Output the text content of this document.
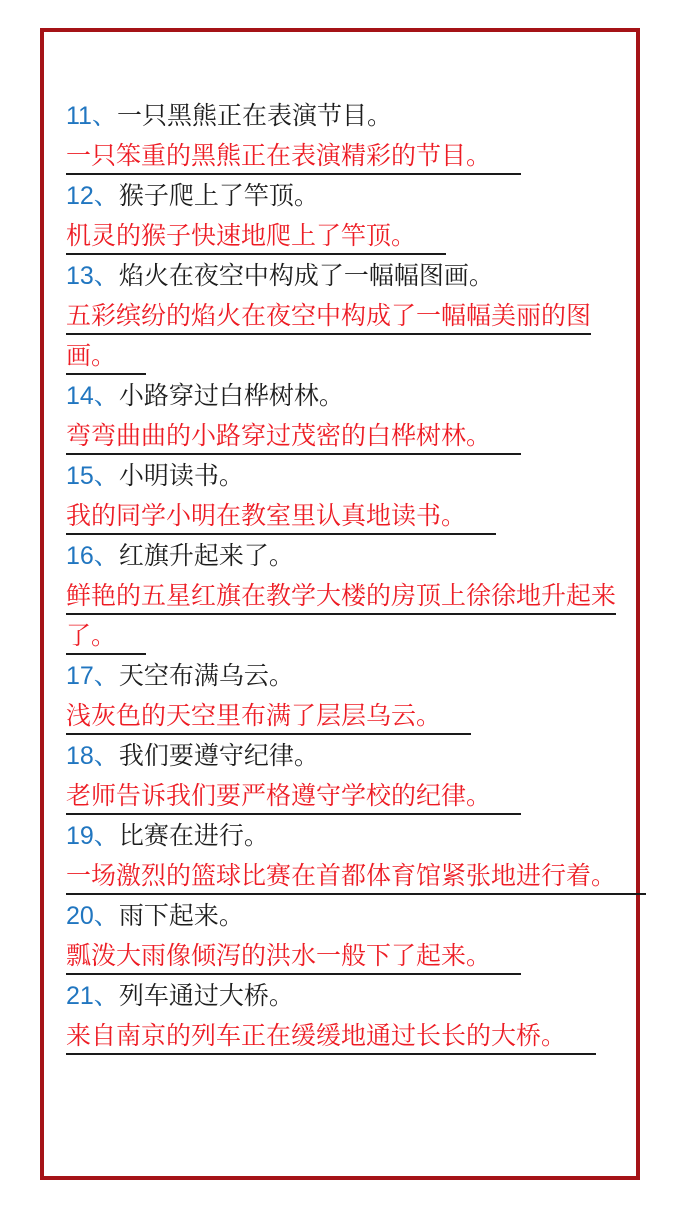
11、一只黑熊正在表演节目。
一只笨重的黑熊正在表演精彩的节目。
12、猴子爬上了竿顶。
机灵的猴子快速地爬上了竿顶。
13、焰火在夜空中构成了一幅幅图画。
五彩缤纷的焰火在夜空中构成了一幅幅美丽的图画。
14、小路穿过白桦树林。
弯弯曲曲的小路穿过茂密的白桦树林。
15、小明读书。
我的同学小明在教室里认真地读书。
16、红旗升起来了。
鲜艳的五星红旗在教学大楼的房顶上徐徐地升起来了。
17、天空布满乌云。
浅灰色的天空里布满了层层乌云。
18、我们要遵守纪律。
老师告诉我们要严格遵守学校的纪律。
19、比赛在进行。
一场激烈的篮球比赛在首都体育馆紧张地进行着。
20、雨下起来。
瓢泼大雨像倾泻的洪水一般下了起来。
21、列车通过大桥。
来自南京的列车正在缓缓地通过长长的大桥。
